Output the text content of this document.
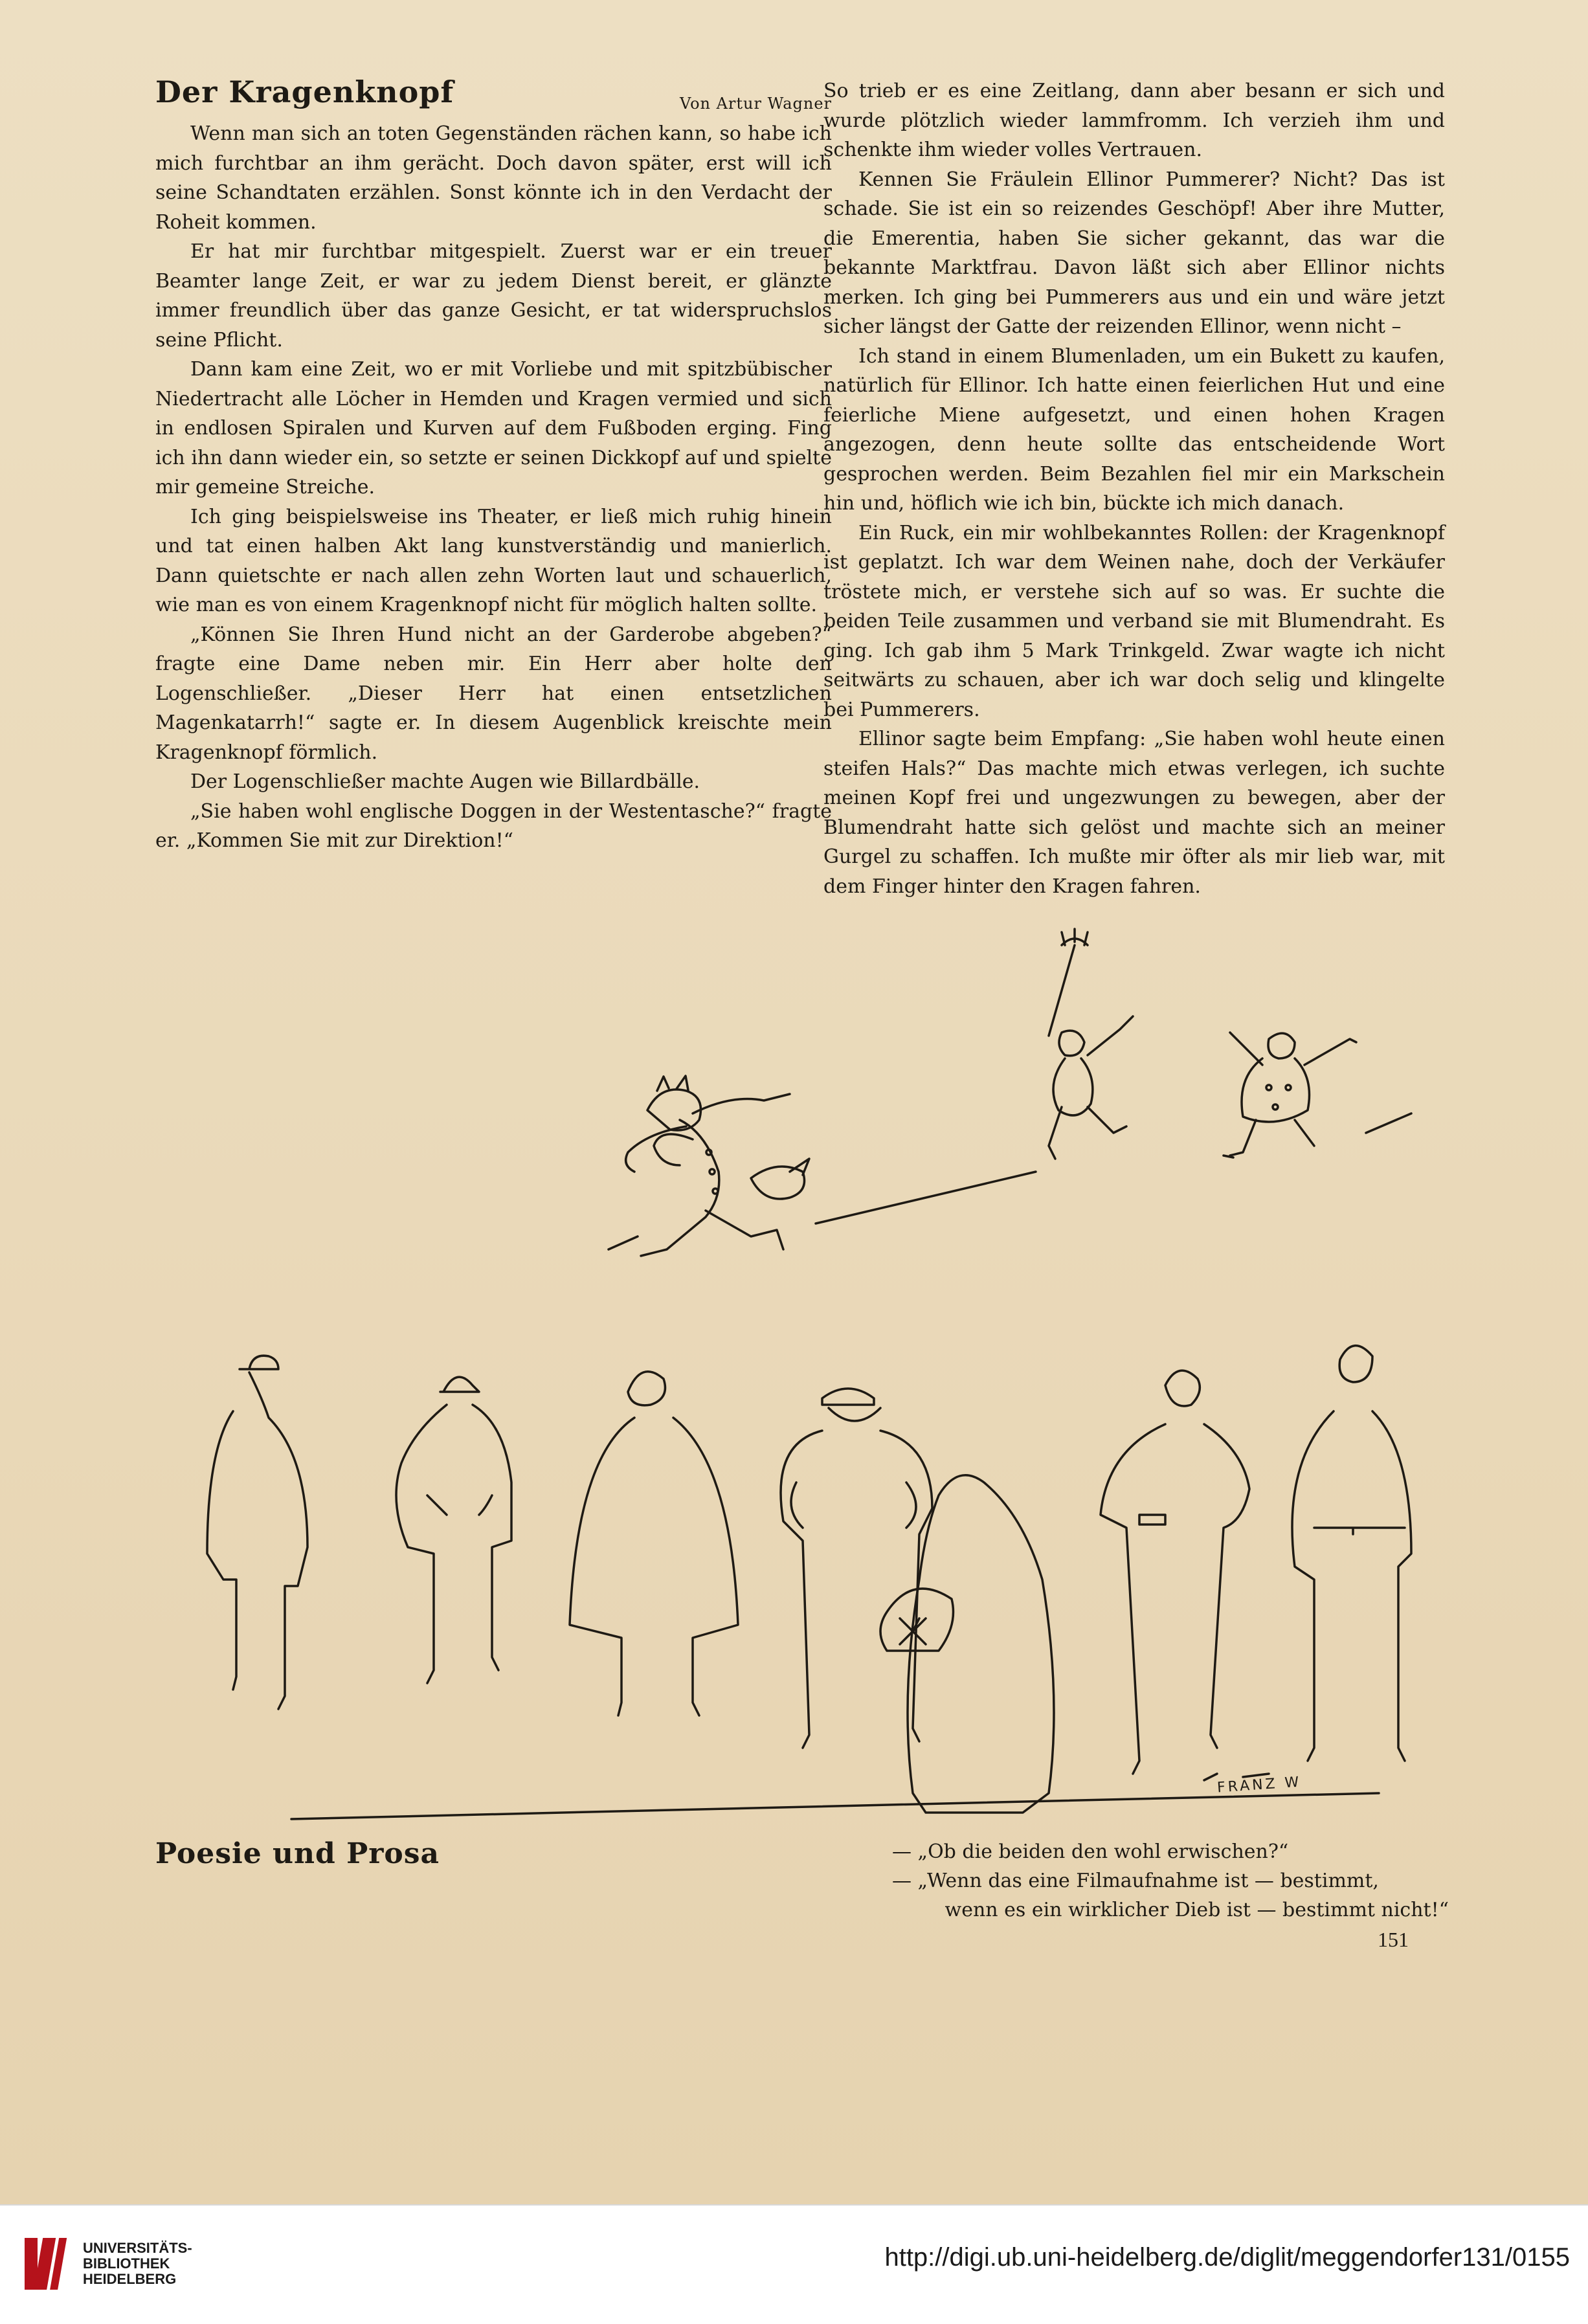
Der Kragenknopf	Von Artur Wagner

Wenn man sich an toten Gegenständen rächen kann, so habe ich mich furchtbar an ihm gerächt. Doch davon später, erst will ich seine Schandtaten erzählen. Sonst könnte ich in den Verdacht der Roheit kommen.

Er hat mir furchtbar mitgespielt. Zuerst war er ein treuer Beamter lange Zeit, er war zu jedem Dienst bereit, er glänzte immer freundlich über das ganze Gesicht, er tat widerspruchslos seine Pflicht.

Dann kam eine Zeit, wo er mit Vorliebe und mit spitzbübischer Niedertracht alle Löcher in Hemden und Kragen vermied und sich in endlosen Spiralen und Kurven auf dem Fußboden erging. Fing ich ihn dann wieder ein, so setzte er seinen Dickkopf auf und spielte mir gemeine Streiche.

Ich ging beispielsweise ins Theater, er ließ mich ruhig hinein und tat einen halben Akt lang kunstverständig und manierlich. Dann quietschte er nach allen zehn Worten laut und schauerlich, wie man es von einem Kragenknopf nicht für möglich halten sollte.

„Können Sie Ihren Hund nicht an der Garderobe abgeben?“ fragte eine Dame neben mir. Ein Herr aber holte den Logenschließer. „Dieser Herr hat einen entsetzlichen Magenkatarrh!“ sagte er. In diesem Augenblick kreischte mein Kragenknopf förmlich.

Der Logenschließer machte Augen wie Billardbälle.

„Sie haben wohl englische Doggen in der Westentasche?“ fragte er. „Kommen Sie mit zur Direktion!“

So trieb er es eine Zeitlang, dann aber besann er sich und wurde plötzlich wieder lammfromm. Ich verzieh ihm und schenkte ihm wieder volles Vertrauen.

Kennen Sie Fräulein Ellinor Pummerer? Nicht? Das ist schade. Sie ist ein so reizendes Geschöpf! Aber ihre Mutter, die Emerentia, haben Sie sicher gekannt, das war die bekannte Marktfrau. Davon läßt sich aber Ellinor nichts merken. Ich ging bei Pummerers aus und ein und wäre jetzt sicher längst der Gatte der reizenden Ellinor, wenn nicht –

Ich stand in einem Blumenladen, um ein Bukett zu kaufen, natürlich für Ellinor. Ich hatte einen feierlichen Hut und eine feierliche Miene aufgesetzt, und einen hohen Kragen angezogen, denn heute sollte das entscheidende Wort gesprochen werden. Beim Bezahlen fiel mir ein Markschein hin und, höflich wie ich bin, bückte ich mich danach.

Ein Ruck, ein mir wohlbekanntes Rollen: der Kragenknopf ist geplatzt. Ich war dem Weinen nahe, doch der Verkäufer tröstete mich, er verstehe sich auf so was. Er suchte die beiden Teile zusammen und verband sie mit Blumendraht. Es ging. Ich gab ihm 5 Mark Trinkgeld. Zwar wagte ich nicht seitwärts zu schauen, aber ich war doch selig und klingelte bei Pummerers.

Ellinor sagte beim Empfang: „Sie haben wohl heute einen steifen Hals?“ Das machte mich etwas verlegen, ich suchte meinen Kopf frei und ungezwungen zu bewegen, aber der Blumendraht hatte sich gelöst und machte sich an meiner Gurgel zu schaffen. Ich mußte mir öfter als mir lieb war, mit dem Finger hinter den Kragen fahren.

FRANZ W
Poesie und Prosa	— „Ob die beiden den wohl erwischen?“
— „Wenn das eine Filmaufnahme ist — bestimmt,
wenn es ein wirklicher Dieb ist — bestimmt nicht!“
151
UNIVERSITÄTS-
BIBLIOTHEK
HEIDELBERG
http://digi.ub.uni-heidelberg.de/diglit/meggendorfer131/0155
